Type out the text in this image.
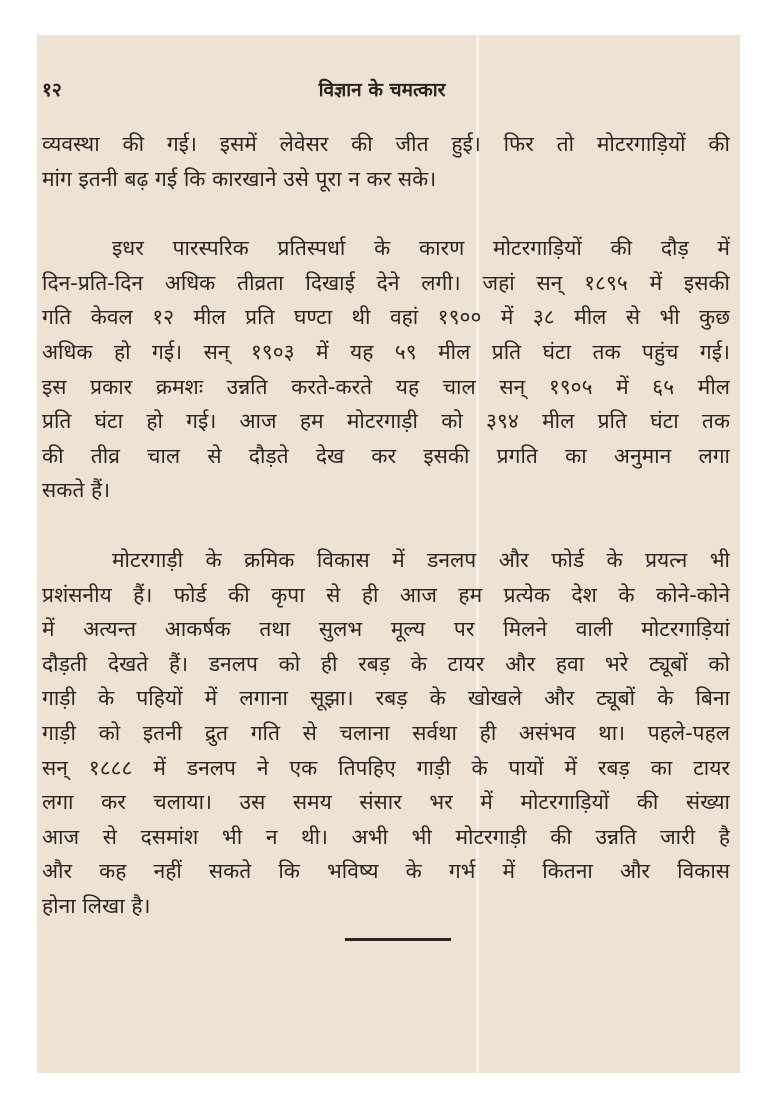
१२	विज्ञान के चमत्कार
व्यवस्था की गई। इसमें लेवेसर की जीत हुई। फिर तो मोटरगाड़ियों की
मांग इतनी बढ़ गई कि कारखाने उसे पूरा न कर सके।
इधर पारस्परिक प्रतिस्पर्धा के कारण मोटरगाड़ियों की दौड़ में
दिन-प्रति-दिन अधिक तीव्रता दिखाई देने लगी। जहां सन् १८९५ में इसकी
गति केवल १२ मील प्रति घण्टा थी वहां १९०० में ३८ मील से भी कुछ
अधिक हो गई। सन् १९०३ में यह ५९ मील प्रति घंटा तक पहुंच गई।
इस प्रकार क्रमशः उन्नति करते-करते यह चाल सन् १९०५ में ६५ मील
प्रति घंटा हो गई। आज हम मोटरगाड़ी को ३९४ मील प्रति घंटा तक
की तीव्र चाल से दौड़ते देख कर इसकी प्रगति का अनुमान लगा
सकते हैं।
मोटरगाड़ी के क्रमिक विकास में डनलप और फोर्ड के प्रयत्न भी
प्रशंसनीय हैं। फोर्ड की कृपा से ही आज हम प्रत्येक देश के कोने-कोने
में अत्यन्त आकर्षक तथा सुलभ मूल्य पर मिलने वाली मोटरगाड़ियां
दौड़ती देखते हैं। डनलप को ही रबड़ के टायर और हवा भरे ट्यूबों को
गाड़ी के पहियों में लगाना सूझा। रबड़ के खोखले और ट्यूबों के बिना
गाड़ी को इतनी द्रुत गति से चलाना सर्वथा ही असंभव था। पहले-पहल
सन् १८८८ में डनलप ने एक तिपहिए गाड़ी के पायों में रबड़ का टायर
लगा कर चलाया। उस समय संसार भर में मोटरगाड़ियों की संख्या
आज से दसमांश भी न थी। अभी भी मोटरगाड़ी की उन्नति जारी है
और कह नहीं सकते कि भविष्य के गर्भ में कितना और विकास
होना लिखा है।
